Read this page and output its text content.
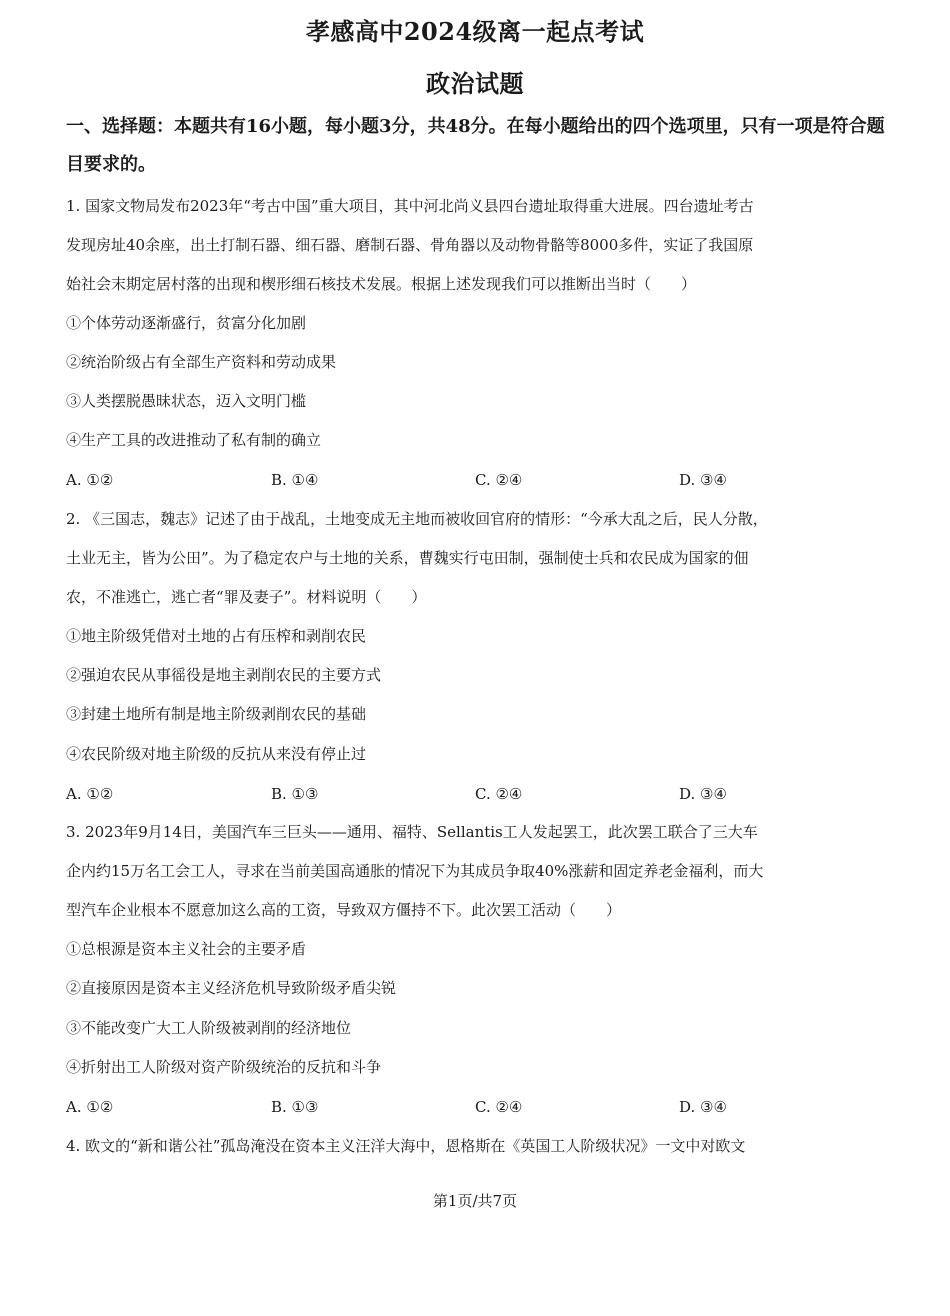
孝感高中2024级离一起点考试
政治试题
一、选择题：本题共有16小题，每小题3分，共48分。在每小题给出的四个选项里，只有一项是符合题目要求的。
1. 国家文物局发布2023年“考古中国”重大项目，其中河北尚义县四台遗址取得重大进展。四台遗址考古
发现房址40余座，出土打制石器、细石器、磨制石器、骨角器以及动物骨骼等8000多件，实证了我国原
始社会末期定居村落的出现和楔形细石核技术发展。根据上述发现我们可以推断出当时（　　）
①个体劳动逐渐盛行，贫富分化加剧
②统治阶级占有全部生产资料和劳动成果
③人类摆脱愚昧状态，迈入文明门槛
④生产工具的改进推动了私有制的确立
A. ①②	B. ①④	C. ②④	D. ③④
2. 《三国志，魏志》记述了由于战乱，土地变成无主地而被收回官府的情形：“今承大乱之后，民人分散，
土业无主，皆为公田”。为了稳定农户与土地的关系，曹魏实行屯田制，强制使士兵和农民成为国家的佃
农，不准逃亡，逃亡者“罪及妻子”。材料说明（　　）
①地主阶级凭借对土地的占有压榨和剥削农民
②强迫农民从事徭役是地主剥削农民的主要方式
③封建土地所有制是地主阶级剥削农民的基础
④农民阶级对地主阶级的反抗从来没有停止过
A. ①②	B. ①③	C. ②④	D. ③④
3. 2023年9月14日，美国汽车三巨头——通用、福特、Sellantis工人发起罢工，此次罢工联合了三大车
企内约15万名工会工人，寻求在当前美国高通胀的情况下为其成员争取40%涨薪和固定养老金福利，而大
型汽车企业根本不愿意加这么高的工资，导致双方僵持不下。此次罢工活动（　　）
①总根源是资本主义社会的主要矛盾
②直接原因是资本主义经济危机导致阶级矛盾尖锐
③不能改变广大工人阶级被剥削的经济地位
④折射出工人阶级对资产阶级统治的反抗和斗争
A. ①②	B. ①③	C. ②④	D. ③④
4. 欧文的“新和谐公社”孤岛淹没在资本主义汪洋大海中，恩格斯在《英国工人阶级状况》一文中对欧文
第1页/共7页
